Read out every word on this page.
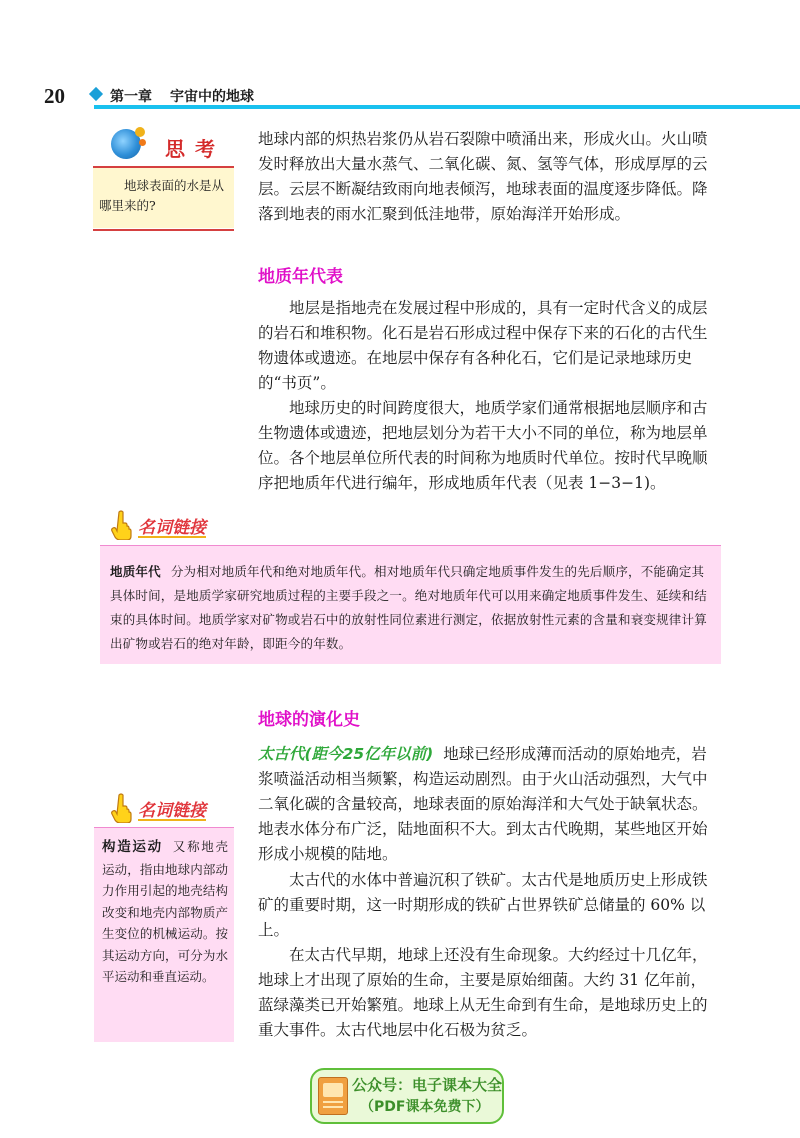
20	第一章 宇宙中的地球
思考
地球表面的水是从哪里来的?

地球内部的炽热岩浆仍从岩石裂隙中喷涌出来，形成火山。火山喷发时释放出大量水蒸气、二氧化碳、氮、氢等气体，形成厚厚的云层。云层不断凝结致雨向地表倾泻，地球表面的温度逐步降低。降落到地表的雨水汇聚到低洼地带，原始海洋开始形成。

地质年代表

地层是指地壳在发展过程中形成的，具有一定时代含义的成层的岩石和堆积物。化石是岩石形成过程中保存下来的石化的古代生物遗体或遗迹。在地层中保存有各种化石，它们是记录地球历史的“书页”。

地球历史的时间跨度很大，地质学家们通常根据地层顺序和古生物遗体或遗迹，把地层划分为若干大小不同的单位，称为地层单位。各个地层单位所代表的时间称为地质时代单位。按时代早晚顺序把地质年代进行编年，形成地质年代表（见表 1−3−1)。

名词链接
地质年代 分为相对地质年代和绝对地质年代。相对地质年代只确定地质事件发生的先后顺序，不能确定其具体时间，是地质学家研究地质过程的主要手段之一。绝对地质年代可以用来确定地质事件发生、延续和结束的具体时间。地质学家对矿物或岩石中的放射性同位素进行测定，依据放射性元素的含量和衰变规律计算出矿物或岩石的绝对年龄，即距今的年数。
地球的演化史

太古代(距今25亿年以前) 地球已经形成薄而活动的原始地壳，岩浆喷溢活动相当频繁，构造运动剧烈。由于火山活动强烈，大气中二氧化碳的含量较高，地球表面的原始海洋和大气处于缺氧状态。地表水体分布广泛，陆地面积不大。到太古代晚期，某些地区开始形成小规模的陆地。

太古代的水体中普遍沉积了铁矿。太古代是地质历史上形成铁矿的重要时期，这一时期形成的铁矿占世界铁矿总储量的 60% 以上。

在太古代早期，地球上还没有生命现象。大约经过十几亿年，地球上才出现了原始的生命，主要是原始细菌。大约 31 亿年前，蓝绿藻类已开始繁殖。地球上从无生命到有生命，是地球历史上的重大事件。太古代地层中化石极为贫乏。

名词链接
构造运动 又称地壳运动，指由地球内部动力作用引起的地壳结构改变和地壳内部物质产生变位的机械运动。按其运动方向，可分为水平运动和垂直运动。
公众号：电子课本大全
（PDF课本免费下）
